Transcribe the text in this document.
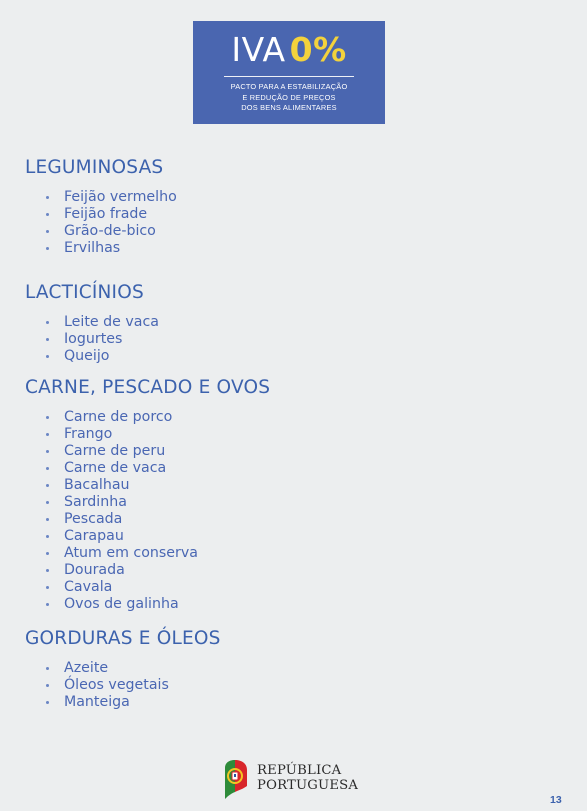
IVA 0%
PACTO PARA A ESTABILIZAÇÃO
E REDUÇÃO DE PREÇOS
DOS BENS ALIMENTARES
LEGUMINOSAS
Feijão vermelho
Feijão frade
Grão-de-bico
Ervilhas
LACTICÍNIOS
Leite de vaca
Iogurtes
Queijo
CARNE, PESCADO E OVOS
Carne de porco
Frango
Carne de peru
Carne de vaca
Bacalhau
Sardinha
Pescada
Carapau
Atum em conserva
Dourada
Cavala
Ovos de galinha
GORDURAS E ÓLEOS
Azeite
Óleos vegetais
Manteiga
REPÚBLICA
PORTUGUESA
13
